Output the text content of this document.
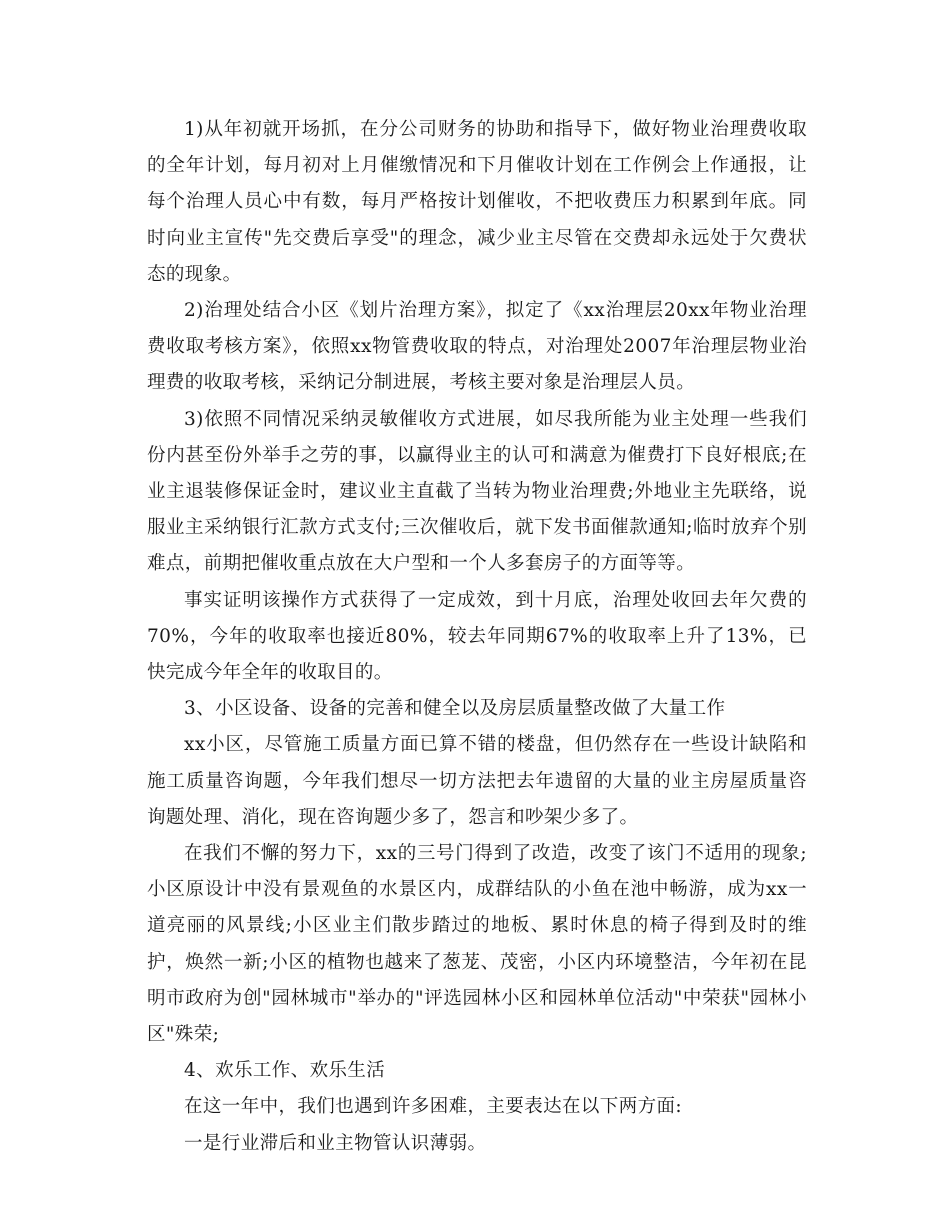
1)从年初就开场抓，在分公司财务的协助和指导下，做好物业治理费收取的全年计划，每月初对上月催缴情况和下月催收计划在工作例会上作通报，让每个治理人员心中有数，每月严格按计划催收，不把收费压力积累到年底。同时向业主宣传"先交费后享受"的理念，减少业主尽管在交费却永远处于欠费状态的现象。

2)治理处结合小区《划片治理方案》，拟定了《xx治理层20xx年物业治理费收取考核方案》，依照xx物管费收取的特点，对治理处2007年治理层物业治理费的收取考核，采纳记分制进展，考核主要对象是治理层人员。

3)依照不同情况采纳灵敏催收方式进展，如尽我所能为业主处理一些我们份内甚至份外举手之劳的事，以赢得业主的认可和满意为催费打下良好根底;在业主退装修保证金时，建议业主直截了当转为物业治理费;外地业主先联络，说服业主采纳银行汇款方式支付;三次催收后，就下发书面催款通知;临时放弃个别难点，前期把催收重点放在大户型和一个人多套房子的方面等等。

事实证明该操作方式获得了一定成效，到十月底，治理处收回去年欠费的70%，今年的收取率也接近80%，较去年同期67%的收取率上升了13%，已快完成今年全年的收取目的。

3、小区设备、设备的完善和健全以及房层质量整改做了大量工作

xx小区，尽管施工质量方面已算不错的楼盘，但仍然存在一些设计缺陷和施工质量咨询题，今年我们想尽一切方法把去年遗留的大量的业主房屋质量咨询题处理、消化，现在咨询题少多了，怨言和吵架少多了。

在我们不懈的努力下，xx的三号门得到了改造，改变了该门不适用的现象;小区原设计中没有景观鱼的水景区内，成群结队的小鱼在池中畅游，成为xx一道亮丽的风景线;小区业主们散步踏过的地板、累时休息的椅子得到及时的维护，焕然一新;小区的植物也越来了葱茏、茂密，小区内环境整洁，今年初在昆明市政府为创"园林城市"举办的"评选园林小区和园林单位活动"中荣获"园林小区"殊荣;

4、欢乐工作、欢乐生活

在这一年中，我们也遇到许多困难，主要表达在以下两方面:

一是行业滞后和业主物管认识薄弱。
